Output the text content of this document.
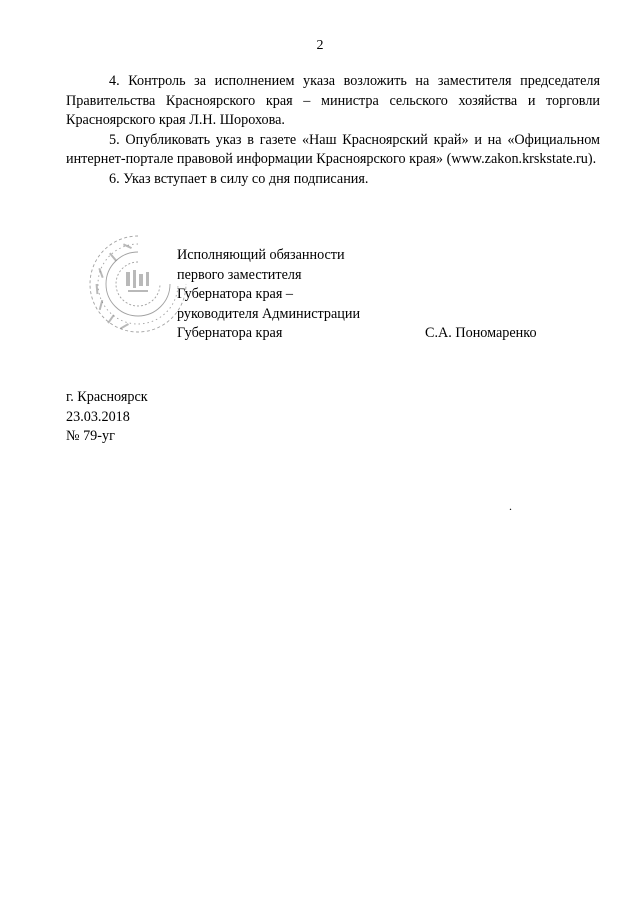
2

4. Контроль за исполнением указа возложить на заместителя председателя Правительства Красноярского края – министра сельского хозяйства и торговли Красноярского края Л.Н. Шорохова.

5. Опубликовать указ в газете «Наш Красноярский край» и на «Официальном интернет-портале правовой информации Красноярского края» (www.zakon.krskstate.ru).

6. Указ вступает в силу со дня подписания.

Исполняющий обязанности
первого заместителя
Губернатора края –
руководителя Администрации
Губернатора края	С.А. Пономаренко
г. Красноярск
23.03.2018
№ 79-уг
.
